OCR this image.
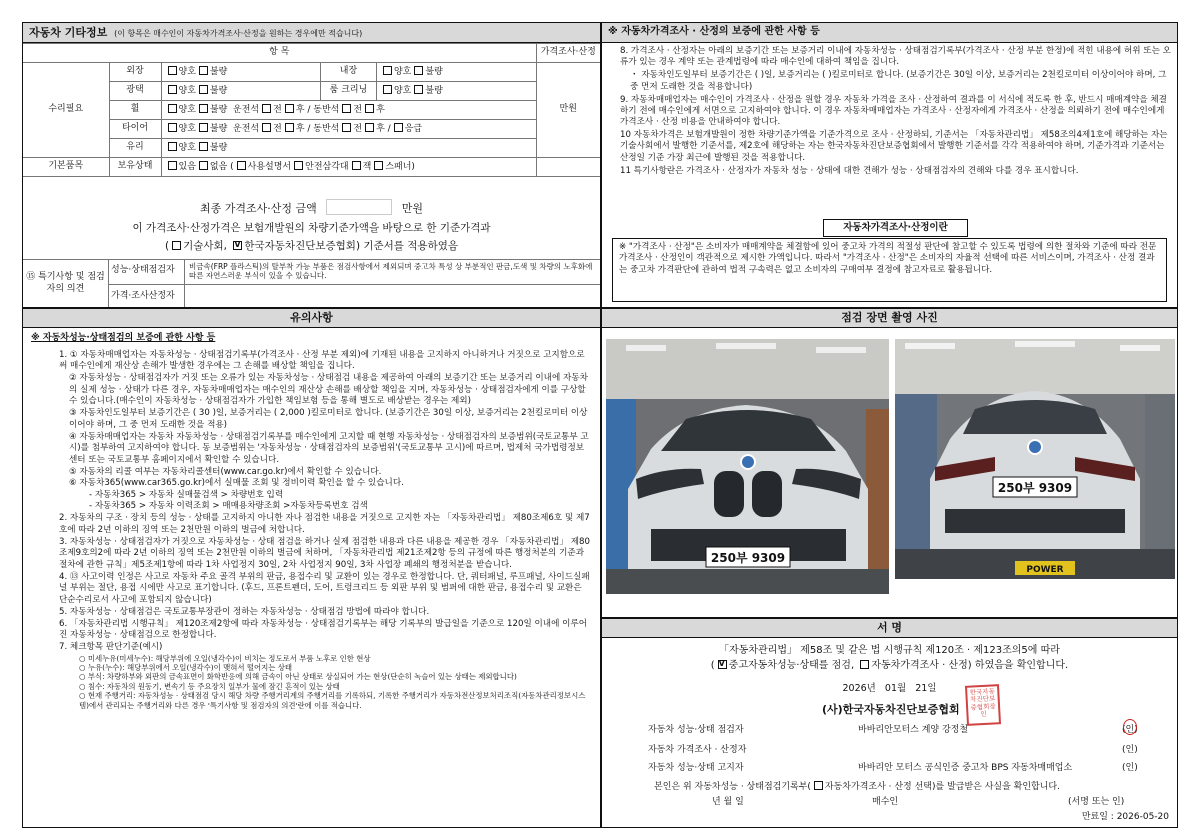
자동차 기타정보 (이 항목은 매수인이 자동차가격조사·산정을 원하는 경우에만 적습니다)
항 목					가격조사·산정
수리필요	외장	양호 불량	내장	양호 불량	만원
	광택	양호 불량	룸 크리닝	양호 불량	
	휠	양호 불량 운전석 전 후 / 동반석 전 후			
	타이어	양호 불량 운전석 전 후 / 동반석 전 후 / 응급			
	유리	양호 불량			
기본품목	보유상태	있음 없음 ( 사용설명서 안전삼각대 잭 스패너)			
최종 가격조사·산정 금액	만원
이 가격조사·산정가격은 보험개발원의 차량기준가액을 바탕으로 한 기준가격과
( 기술사회, V한국자동차진단보증협회) 기준서를 적용하였음
⑮ 특기사항 및 점검자의 의견
성능·상태점검자	비금속(FRP 플라스틱)의 탈부착 가능 부품은 점검사항에서 제외되며 중고차 특성 상 부분적인 판금,도색 및 차량의 노후화에 따른 자연스러운 부식이 있을 수 있습니다.
가격·조사산정자
※ 자동차가격조사 · 산정의 보증에 관한 사항 등
8. 가격조사 · 산정자는 아래의 보증기간 또는 보증거리 이내에 자동차성능 · 상태점검기록부(가격조사 · 산정 부분 한정)에 적힌 내용에 허위 또는 오류가 있는 경우 계약 또는 관계법령에 따라 매수인에 대하여 책임을 집니다.
・ 자동차인도일부터 보증기간은 ( )일, 보증거리는 ( )킬로미터로 합니다. (보증기간은 30일 이상, 보증거리는 2천킬로미터 이상이어야 하며, 그 중 먼저 도래한 것을 적용합니다)
9. 자동차매매업자는 매수인이 가격조사 · 산정을 원할 경우 자동차 가격을 조사 · 산정하여 결과를 이 서식에 적도록 한 후, 반드시 매매계약을 체결하기 전에 매수인에게 서면으로 고지하여야 합니다. 이 경우 자동차매매업자는 가격조사 · 산정자에게 가격조사 · 산정을 의뢰하기 전에 매수인에게 가격조사 · 산정 비용을 안내하여야 합니다.
10 자동차가격은 보험개발원이 정한 차량기준가액을 기준가격으로 조사 · 산정하되, 기준서는 「자동차관리법」 제58조의4제1호에 해당하는 자는 기술사회에서 발행한 기준서를, 제2호에 해당하는 자는 한국자동차진단보증협회에서 발행한 기준서를 각각 적용하여야 하며, 기준가격과 기준서는 산정일 기준 가장 최근에 발행된 것을 적용합니다.
11 특기사항란은 가격조사 · 산정자가 자동차 성능 · 상태에 대한 견해가 성능 · 상태점검자의 견해와 다를 경우 표시합니다.
자동차가격조사·산정이란
※ "가격조사 · 산정"은 소비자가 매매계약을 체결함에 있어 중고차 가격의 적절성 판단에 참고할 수 있도록 법령에 의한 절차와 기준에 따라 전문 가격조사 · 산정인이 객관적으로 제시한 가액입니다. 따라서 "가격조사 · 산정"은 소비자의 자율적 선택에 따른 서비스이며, 가격조사 · 산정 결과는 중고차 가격판단에 관하여 법적 구속력은 없고 소비자의 구매여부 결정에 참고자료로 활용됩니다.
유의사항
※ 자동차성능·상태점검의 보증에 관한 사항 등
1. ① 자동차매매업자는 자동차성능 · 상태점검기록부(가격조사 · 산정 부분 제외)에 기재된 내용을 고지하지 아니하거나 거짓으로 고지함으로써 매수인에게 재산상 손해가 발생한 경우에는 그 손해를 배상할 책임을 집니다.
② 자동차성능 · 상태점검자가 거짓 또는 오류가 있는 자동차성능 · 상태점검 내용을 제공하여 아래의 보증기간 또는 보증거리 이내에 자동차의 실제 성능 · 상태가 다른 경우, 자동차매매업자는 매수인의 재산상 손해를 배상할 책임을 지며, 자동차성능 · 상태점검자에게 이를 구상할 수 있습니다.(매수인이 자동차성능 · 상태점검자가 가입한 책임보험 등을 통해 별도로 배상받는 경우는 제외)
③ 자동차인도일부터 보증기간은 ( 30 )일, 보증거리는 ( 2,000 )킬로미터로 합니다. (보증기간은 30일 이상, 보증거리는 2천킬로미터 이상이어야 하며, 그 중 먼저 도래한 것을 적용)
④ 자동차매매업자는 자동차 자동차성능 · 상태점검기록부를 매수인에게 고지할 때 현행 자동차성능 · 상태점검자의 보증범위(국토교통부 고시)를 첨부하여 고지하여야 합니다. 동 보증범위는 '자동차성능 · 상태점검자의 보증범위'(국토교통부 고시)에 따르며, 법제처 국가법령정보센터 또는 국토교통부 홈페이지에서 확인할 수 있습니다.
⑤ 자동차의 리콜 여부는 자동차리콜센터(www.car.go.kr)에서 확인할 수 있습니다.
⑥ 자동차365(www.car365.go.kr)에서 실매물 조회 및 정비이력 확인을 할 수 있습니다.
- 자동차365 > 자동차 실매물검색 > 차량번호 입력
- 자동차365 > 자동차 이력조회 > 매매용차량조회 >자동차등록번호 검색
2. 자동차의 구조 · 장치 등의 성능 · 상태를 고지하지 아니한 자나 점검한 내용을 거짓으로 고지한 자는 「자동차관리법」 제80조제6호 및 제7호에 따라 2년 이하의 징역 또는 2천만원 이하의 벌금에 처합니다.
3. 자동차성능 · 상태점검자가 거짓으로 자동차성능 · 상태 점검을 하거나 실제 점검한 내용과 다른 내용을 제공한 경우 「자동차관리법」 제80조제9호의2에 따라 2년 이하의 징역 또는 2천만원 이하의 벌금에 처하며, 「자동차관리법 제21조제2항 등의 규정에 따른 행정처분의 기준과 절차에 관한 규칙」제5조제1항에 따라 1차 사업정지 30일, 2차 사업정지 90일, 3차 사업장 폐쇄의 행정처분을 받습니다.
4. ⑬ 사고이력 인정은 사고로 자동차 주요 골격 부위의 판금, 용접수리 및 교환이 있는 경우로 한정합니다. 단, 쿼터패널, 루프패널, 사이드실패널 부위는 절단, 용접 시에만 사고로 표기합니다. (후드, 프론트펜더, 도어, 트렁크리드 등 외판 부위 및 범퍼에 대한 판금, 용접수리 및 교환은 단순수리로서 사고에 포함되지 않습니다)
5. 자동차성능 · 상태점검은 국토교통부장관이 정하는 자동차성능 · 상태점검 방법에 따라야 합니다.
6. 「자동차관리법 시행규칙」 제120조제2항에 따라 자동차성능 · 상태점검기록부는 해당 기록부의 발급일을 기준으로 120일 이내에 이루어진 자동차성능 · 상태점검으로 한정합니다.
7. 체크항목 판단기준(예시)
○ 미세누유(미세누수): 해당부위에 오일(냉각수)이 비치는 정도로서 부품 노후로 인한 현상
○ 누유(누수): 해당부위에서 오일(냉각수)이 맺혀서 떨어지는 상태
○ 부식: 차량하부와 외판의 금속표면이 화학반응에 의해 금속이 아닌 상태로 상실되어 가는 현상(단순히 녹슬어 있는 상태는 제외합니다)
○ 침수: 자동차의 원동기, 변속기 등 주요장치 일부가 물에 잠긴 흔적이 있는 상태
○ 현재 주행거리: 자동차성능 · 상태점검 당시 해당 차량 주행거리계의 주행거리를 기록하되, 기록한 주행거리가 자동차전산정보처리조직(자동차관리정보시스템)에서 관리되는 주행거리와 다른 경우 '특기사항 및 점검자의 의견'란에 이를 적습니다.
점검 장면 촬영 사진
250부 9309
250부 9309
POWER
서 명
「자동차관리법」 제58조 및 같은 법 시행규칙 제120조 · 제123조의5에 따라
( V 중고자동차성능·상태를 점검, 자동차가격조사 · 산정) 하였음을 확인합니다.
2026년 01월 21일
(사)한국자동차진단보증협회
한국자동차진단보증협회장인
자동차 성능·상태 점검자	바바리안모터스 계양 강정철	(인)
자동차 가격조사 · 산정자	(인)
자동차 성능·상태 고지자	바바리안 모터스 공식인증 중고차 BPS 자동차매매업소	(인)
본인은 위 자동차성능 · 상태점검기록부( 자동차가격조사 · 산정 선택)를 발급받은 사실을 확인합니다.
년 월 일	매수인	(서명 또는 인)
만료일 : 2026-05-20
